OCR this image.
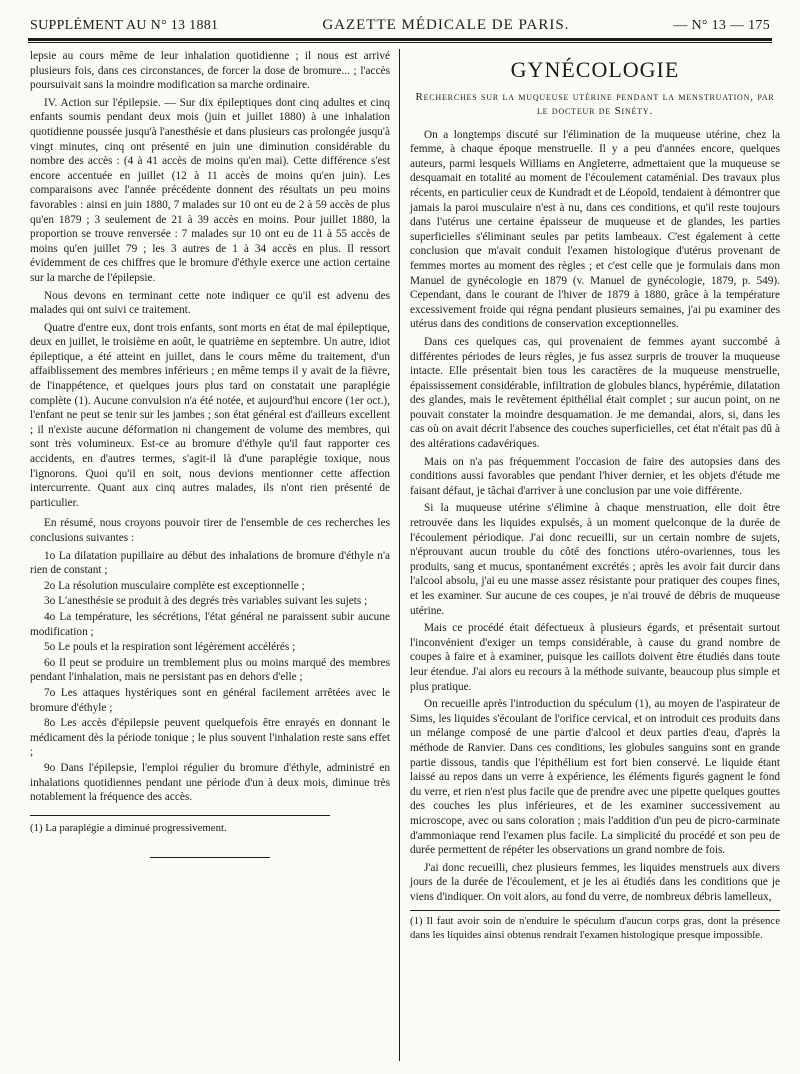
SUPPLÉMENT AU N° 13 1881	GAZETTE MÉDICALE DE PARIS.	— N° 13 — 175

lepsie au cours même de leur inhalation quotidienne ; il nous est arrivé plusieurs fois, dans ces circonstances, de forcer la dose de bromure... ; l'accès poursuivait sans la moindre modification sa marche ordinaire.

IV. Action sur l'épilepsie. — Sur dix épileptiques dont cinq adultes et cinq enfants soumis pendant deux mois (juin et juillet 1880) à une inhalation quotidienne poussée jusqu'à l'anesthésie et dans plusieurs cas prolongée jusqu'à vingt minutes, cinq ont présenté en juin une diminution considérable du nombre des accès : (4 à 41 accès de moins qu'en mai). Cette différence s'est encore accentuée en juillet (12 à 11 accès de moins qu'en juin). Les comparaisons avec l'année précédente donnent des résultats un peu moins favorables : ainsi en juin 1880, 7 malades sur 10 ont eu de 2 à 59 accès de plus qu'en 1879 ; 3 seulement de 21 à 39 accès en moins. Pour juillet 1880, la proportion se trouve renversée : 7 malades sur 10 ont eu de 11 à 55 accès de moins qu'en juillet 79 ; les 3 autres de 1 à 34 accès en plus. Il ressort évidemment de ces chiffres que le bromure d'éthyle exerce une action certaine sur la marche de l'épilepsie.

Nous devons en terminant cette note indiquer ce qu'il est advenu des malades qui ont suivi ce traitement.

Quatre d'entre eux, dont trois enfants, sont morts en état de mal épileptique, deux en juillet, le troisième en août, le quatrième en septembre. Un autre, idiot épileptique, a été atteint en juillet, dans le cours même du traitement, d'un affaiblissement des membres inférieurs ; en même temps il y avait de la fièvre, de l'inappétence, et quelques jours plus tard on constatait une paraplégie complète (1). Aucune convulsion n'a été notée, et aujourd'hui encore (1er oct.), l'enfant ne peut se tenir sur les jambes ; son état général est d'ailleurs excellent ; il n'existe aucune déformation ni changement de volume des membres, qui sont très volumineux. Est-ce au bromure d'éthyle qu'il faut rapporter ces accidents, en d'autres termes, s'agit-il là d'une paraplégie toxique, nous l'ignorons. Quoi qu'il en soit, nous devions mentionner cette affection intercurrente. Quant aux cinq autres malades, ils n'ont rien présenté de particulier.

En résumé, nous croyons pouvoir tirer de l'ensemble de ces recherches les conclusions suivantes :

1o La dilatation pupillaire au début des inhalations de bromure d'éthyle n'a rien de constant ;
2o La résolution musculaire complète est exceptionnelle ;
3o L'anesthésie se produit à des degrés très variables suivant les sujets ;
4o La température, les sécrétions, l'état général ne paraissent subir aucune modification ;
5o Le pouls et la respiration sont légèrement accélérés ;
6o Il peut se produire un tremblement plus ou moins marqué des membres pendant l'inhalation, mais ne persistant pas en dehors d'elle ;
7o Les attaques hystériques sont en général facilement arrêtées avec le bromure d'éthyle ;
8o Les accès d'épilepsie peuvent quelquefois être enrayés en donnant le médicament dès la période tonique ; le plus souvent l'inhalation reste sans effet ;
9o Dans l'épilepsie, l'emploi régulier du bromure d'éthyle, administré en inhalations quotidiennes pendant une période d'un à deux mois, diminue très notablement la fréquence des accès.
(1) La paraplégie a diminué progressivement.
GYNÉCOLOGIE
Recherches sur la muqueuse utérine pendant la menstruation, par le docteur de Sinéty.

On a longtemps discuté sur l'élimination de la muqueuse utérine, chez la femme, à chaque époque menstruelle. Il y a peu d'années encore, quelques auteurs, parmi lesquels Williams en Angleterre, admettaient que la muqueuse se desquamait en totalité au moment de l'écoulement cataménial. Des travaux plus récents, en particulier ceux de Kundradt et de Léopold, tendaient à démontrer que jamais la paroi musculaire n'est à nu, dans ces conditions, et qu'il reste toujours dans l'utérus une certaine épaisseur de muqueuse et de glandes, les parties superficielles s'éliminant seules par petits lambeaux. C'est également à cette conclusion que m'avait conduit l'examen histologique d'utérus provenant de femmes mortes au moment des règles ; et c'est celle que je formulais dans mon Manuel de gynécologie en 1879 (v. Manuel de gynécologie, 1879, p. 549). Cependant, dans le courant de l'hiver de 1879 à 1880, grâce à la température excessivement froide qui régna pendant plusieurs semaines, j'ai pu examiner des utérus dans des conditions de conservation exceptionnelles.

Dans ces quelques cas, qui provenaient de femmes ayant succombé à différentes périodes de leurs règles, je fus assez surpris de trouver la muqueuse intacte. Elle présentait bien tous les caractères de la muqueuse menstruelle, épaississement considérable, infiltration de globules blancs, hypérémie, dilatation des glandes, mais le revêtement épithélial était complet ; sur aucun point, on ne pouvait constater la moindre desquamation. Je me demandai, alors, si, dans les cas où on avait décrit l'absence des couches superficielles, cet état n'était pas dû à des altérations cadavériques.

Mais on n'a pas fréquemment l'occasion de faire des autopsies dans des conditions aussi favorables que pendant l'hiver dernier, et les objets d'étude me faisant défaut, je tâchai d'arriver à une conclusion par une voie différente.

Si la muqueuse utérine s'élimine à chaque menstruation, elle doit être retrouvée dans les liquides expulsés, à un moment quelconque de la durée de l'écoulement périodique. J'ai donc recueilli, sur un certain nombre de sujets, n'éprouvant aucun trouble du côté des fonctions utéro-ovariennes, tous les produits, sang et mucus, spontanément excrétés ; après les avoir fait durcir dans l'alcool absolu, j'ai eu une masse assez résistante pour pratiquer des coupes fines, et les examiner. Sur aucune de ces coupes, je n'ai trouvé de débris de muqueuse utérine.

Mais ce procédé était défectueux à plusieurs égards, et présentait surtout l'inconvénient d'exiger un temps considérable, à cause du grand nombre de coupes à faire et à examiner, puisque les caillots doivent être étudiés dans toute leur étendue. J'ai alors eu recours à la méthode suivante, beaucoup plus simple et plus pratique.

On recueille après l'introduction du spéculum (1), au moyen de l'aspirateur de Sims, les liquides s'écoulant de l'orifice cervical, et on introduit ces produits dans un mélange composé de une partie d'alcool et deux parties d'eau, d'après la méthode de Ranvier. Dans ces conditions, les globules sanguins sont en grande partie dissous, tandis que l'épithélium est fort bien conservé. Le liquide étant laissé au repos dans un verre à expérience, les éléments figurés gagnent le fond du verre, et rien n'est plus facile que de prendre avec une pipette quelques gouttes des couches les plus inférieures, et de les examiner successivement au microscope, avec ou sans coloration ; mais l'addition d'un peu de picro-carminate d'ammoniaque rend l'examen plus facile. La simplicité du procédé et son peu de durée permettent de répéter les observations un grand nombre de fois.

J'ai donc recueilli, chez plusieurs femmes, les liquides menstruels aux divers jours de la durée de l'écoulement, et je les ai étudiés dans les conditions que je viens d'indiquer. On voit alors, au fond du verre, de nombreux débris lamelleux,

(1) Il faut avoir soin de n'enduire le spéculum d'aucun corps gras, dont la présence dans les liquides ainsi obtenus rendrait l'examen histologique presque impossible.
